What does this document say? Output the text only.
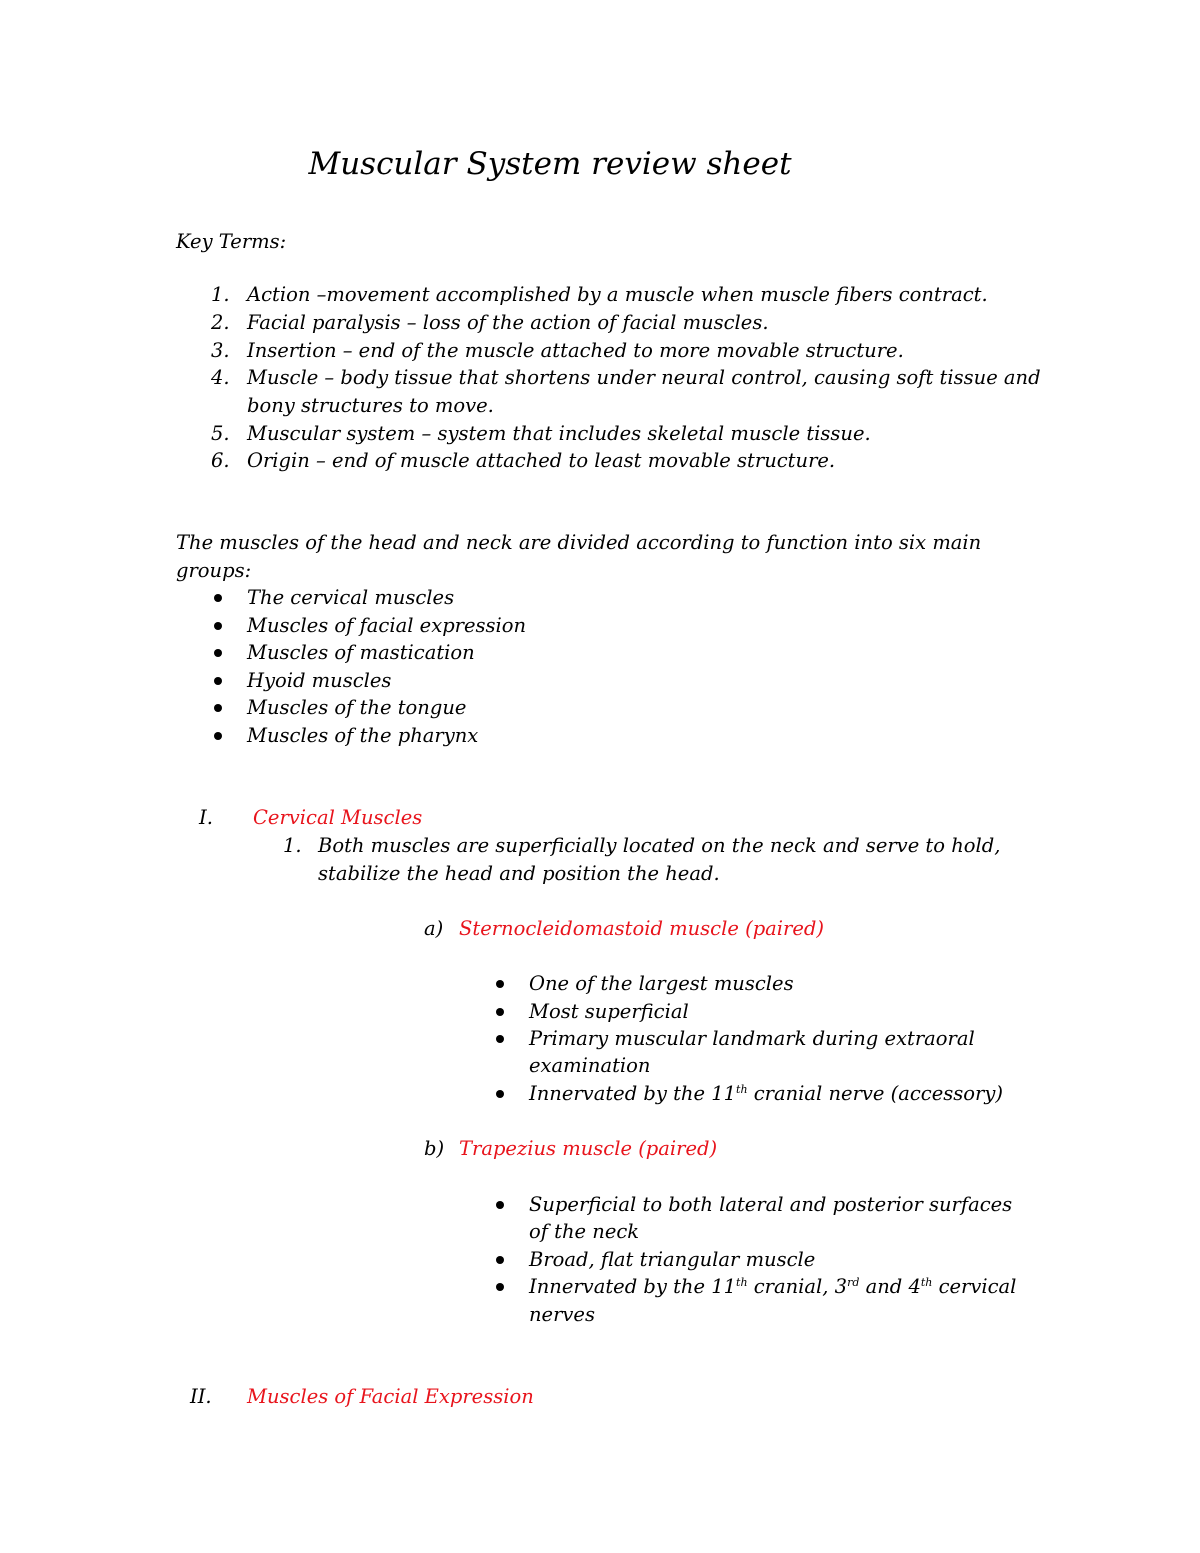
Muscular System review sheet
Key Terms:
1. Action –movement accomplished by a muscle when muscle fibers contract.
2. Facial paralysis – loss of the action of facial muscles.
3. Insertion – end of the muscle attached to more movable structure.
4. Muscle – body tissue that shortens under neural control, causing soft tissue and
bony structures to move.
5. Muscular system – system that includes skeletal muscle tissue.
6. Origin – end of muscle attached to least movable structure.
The muscles of the head and neck are divided according to function into six main
groups:
The cervical muscles
Muscles of facial expression
Muscles of mastication
Hyoid muscles
Muscles of the tongue
Muscles of the pharynx
I. Cervical Muscles
1. Both muscles are superficially located on the neck and serve to hold,
stabilize the head and position the head.
a) Sternocleidomastoid muscle (paired)
One of the largest muscles
Most superficial
Primary muscular landmark during extraoral
examination
Innervated by the 11th cranial nerve (accessory)
b) Trapezius muscle (paired)
Superficial to both lateral and posterior surfaces
of the neck
Broad, flat triangular muscle
Innervated by the 11th cranial, 3rd and 4th cervical
nerves
II. Muscles of Facial Expression
